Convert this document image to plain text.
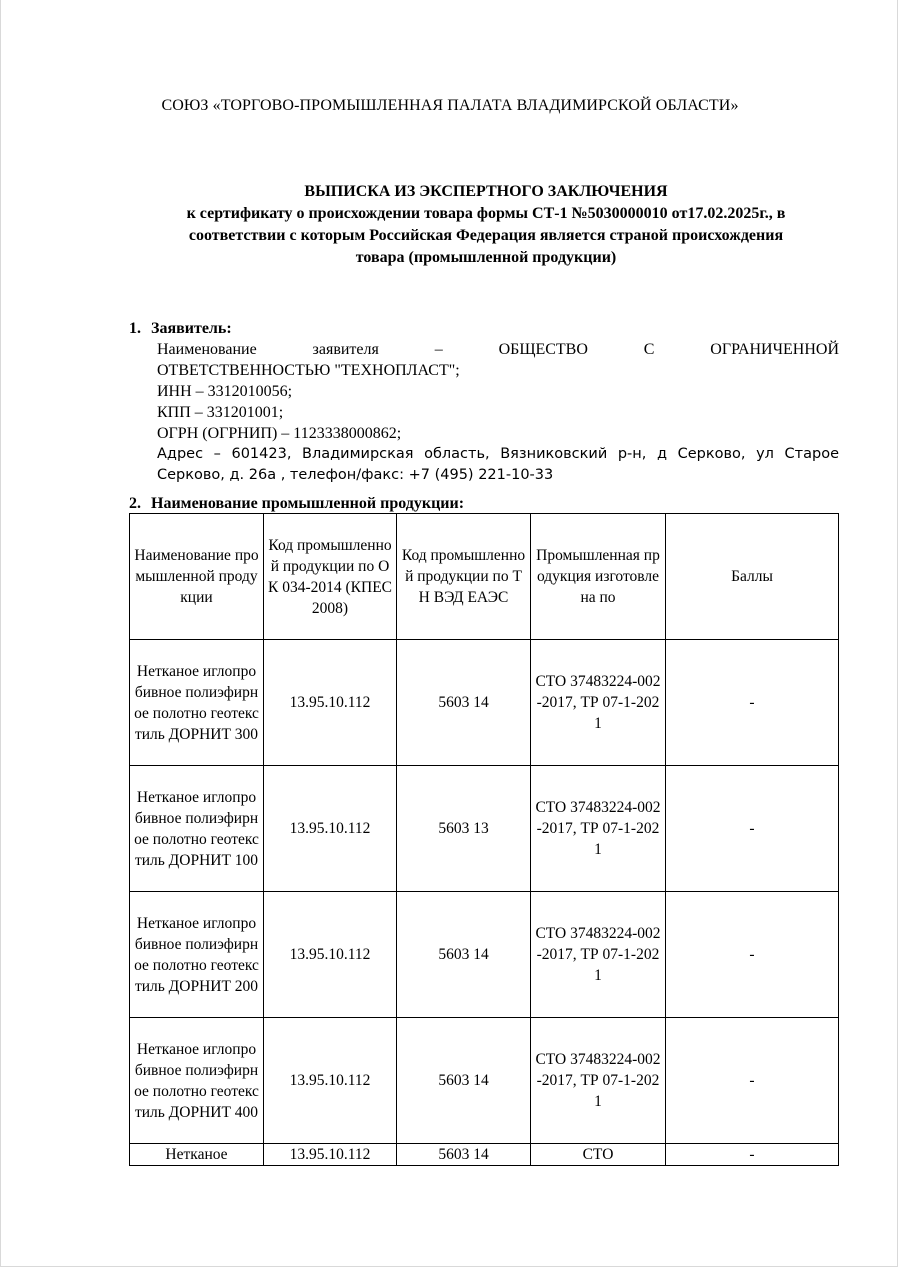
СОЮЗ «ТОРГОВО-ПРОМЫШЛЕННАЯ ПАЛАТА ВЛАДИМИРСКОЙ ОБЛАСТИ»
ВЫПИСКА ИЗ ЭКСПЕРТНОГО ЗАКЛЮЧЕНИЯ
к сертификату о происхождении товара формы СТ-1 №5030000010 от17.02.2025г., в
соответствии с которым Российская Федерация является страной происхождения
товара (промышленной продукции)
1. Заявитель:
Наименование заявителя – ОБЩЕСТВО С ОГРАНИЧЕННОЙ
ОТВЕТСТВЕННОСТЬЮ "ТЕХНОПЛАСТ";
ИНН – 3312010056;
КПП – 331201001;
ОГРН (ОГРНИП) – 1123338000862;
Адрес – 601423, Владимирская область, Вязниковский р-н, д Серково, ул Старое
Серково, д. 26а , телефон/факс: +7 (495) 221-10-33
2. Наименование промышленной продукции:
Наименование промышленной продукции	Код промышленной продукции по ОК 034-2014 (КПЕС 2008)	Код промышленной продукции по ТН ВЭД ЕАЭС	Промышленная продукция изготовлена по	Баллы
Нетканое иглопробивное полиэфирное полотно геотекстиль ДОРНИТ 300	13.95.10.112	5603 14	СТО 37483224-002-2017, ТР 07-1-2021	-
Нетканое иглопробивное полиэфирное полотно геотекстиль ДОРНИТ 100	13.95.10.112	5603 13	СТО 37483224-002-2017, ТР 07-1-2021	-
Нетканое иглопробивное полиэфирное полотно геотекстиль ДОРНИТ 200	13.95.10.112	5603 14	СТО 37483224-002-2017, ТР 07-1-2021	-
Нетканое иглопробивное полиэфирное полотно геотекстиль ДОРНИТ 400	13.95.10.112	5603 14	СТО 37483224-002-2017, ТР 07-1-2021	-
Нетканое	13.95.10.112	5603 14	СТО	-
